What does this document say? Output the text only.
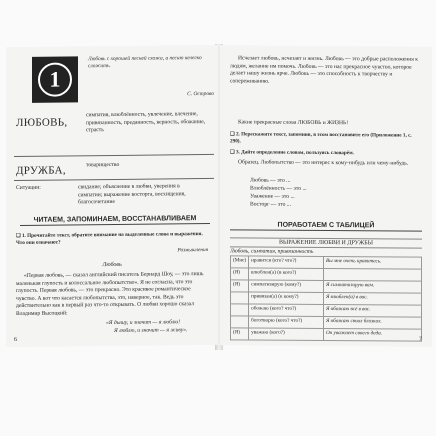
1
Любовь с хорошей песней схожа, а песню нелегко сложить.
С. Острово
ЛЮБОВЬ,
симпатия, влюблённость, увлечение, влечение, привязанность, преданность, верность, обожание, страсть
ДРУЖБА,	товарищество
Ситуации:	свидание; объяснение в любви, уверения в симпатии; выражение восторга, восхищения, благосочетание
ЧИТАЕМ, ЗАПОМИНАЕМ, ВОССТАНАВЛИВАЕМ
❑ 1. Прочитайте текст, обратите внимание на выделенные слова и выражения. Что они означают?
Размышления
Любовь
«Первая любовь, — сказал английский писатель Бернард Шоу, — это лишь маленькая глупость и колоссальное любопытство». Я не согласна, что это глупость. Первая любовь, — это прекрасно. Это красивое романтическое чувство. А вот что касается любопытства, это, наверное, так. Ведь это действительно как в первый раз что-то открывать. О любви хорошо сказал Владимир Высоцкий:
«Я дышу, и значит — я люблю!
Я люблю, и значит — я живу».
6
Исчезает любовь, исчезает и жизнь. Любовь — это добрые расположения к людям, желание им помочь. Любовь — это нас прекрасное чувство, которое делает нашу жизнь ярче. Любовь — это способность к творчеству и сопереживанию.
Какие прекрасные слова ЛЮБОВЬ и ЖИЗНЬ!
❑ 2. Перескажите текст, запомнив, в этом восстановите его (Приложение 1, с. 290).
❑ 3. Дайте определение словам, пользуясь словарём.
Образец. Любопытство — это интерес к кому-нибудь или чему-нибудь.
Любовь — это ...
Влюблённость — это ...
Уважение — это ...
Восторг — это ...
ПОРАБОТАЕМ С ТАБЛИЦЕЙ
ВЫРАЖЕНИЕ ЛЮБВИ И ДРУЖБЫ
Любовь, симпатия, привязанность
(Мне)	нравится (кто? что?)	Вы мне очень нравитесь.
(Я)	влюблен(а) (в кого?)	
(Я)	симпатизирую (кому?)	Я симпатизирую вам.
	привязан(а) (к кому?)	Я влюблен(а) в вас.
	обожаю (кого? что?)	Я обожаю всё в вас.
	боготворю (кого? что?)	Я обожаю своих близких.
(Я)	уважаю (кого?)	Он уважает своего деда.
7
